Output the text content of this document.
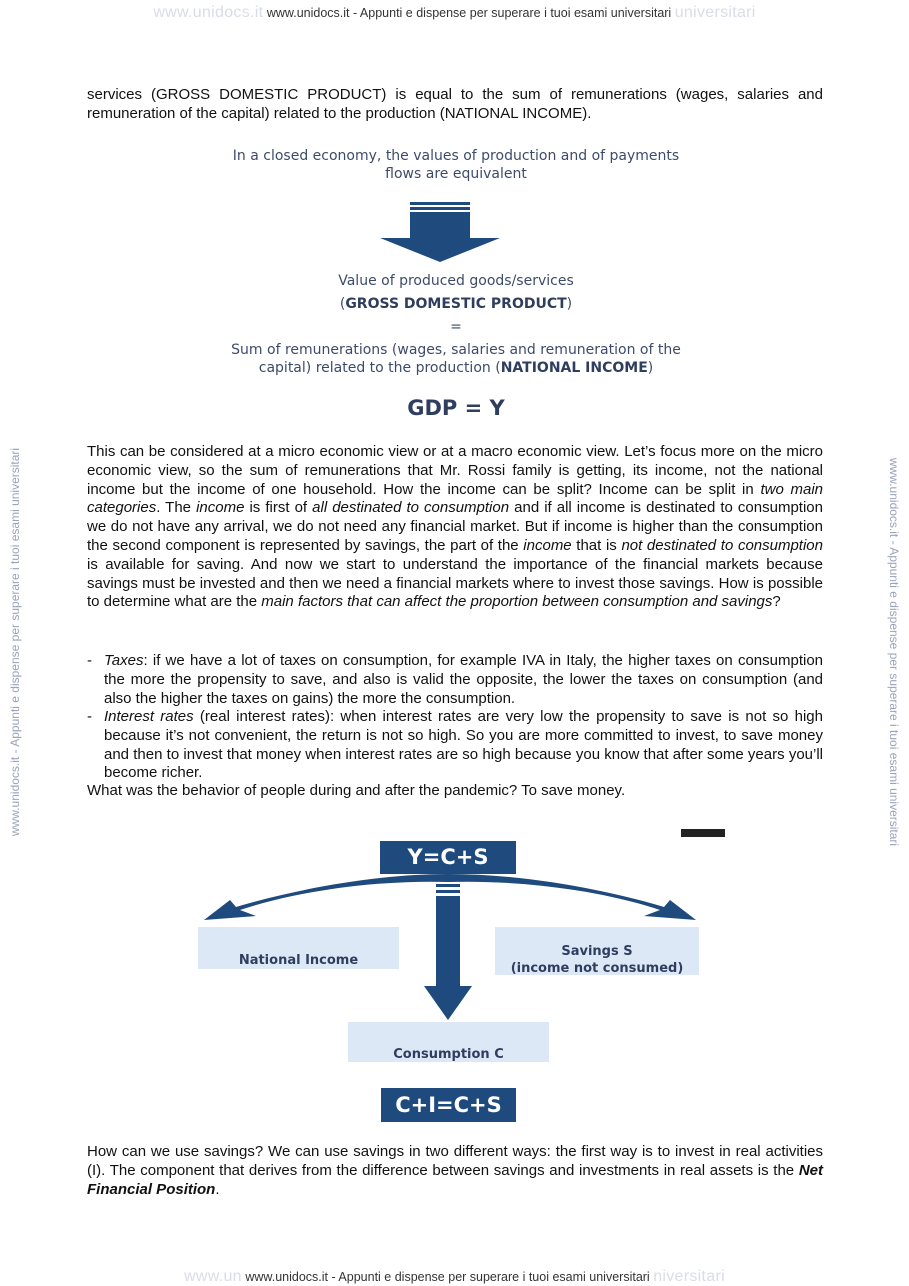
www.unidocs.it www.unidocs.it - Appunti e dispense per superare i tuoi esami universitari universitari
www.unidocs.it - Appunti e dispense per superare i tuoi esami universitari	www.unidocs.it - Appunti e dispense per superare i tuoi esami universitari
services (GROSS DOMESTIC PRODUCT) is equal to the sum of remunerations (wages, salaries and remuneration of the capital) related to the production (NATIONAL INCOME).
In a closed economy, the values of production and of payments
flows are equivalent
Value of produced goods/services
(GROSS DOMESTIC PRODUCT)
=
Sum of remunerations (wages, salaries and remuneration of the
capital) related to the production (NATIONAL INCOME)
GDP = Y
This can be considered at a micro economic view or at a macro economic view. Let’s focus more on the micro economic view, so the sum of remunerations that Mr. Rossi family is getting, its income, not the national income but the income of one household. How the income can be split? Income can be split in two main categories. The income is first of all destinated to consumption and if all income is destinated to consumption we do not have any arrival, we do not need any financial market. But if income is higher than the consumption the second component is represented by savings, the part of the income that is not destinated to consumption is available for saving. And now we start to understand the importance of the financial markets because savings must be invested and then we need a financial markets where to invest those savings. How is possible to determine what are the main factors that can affect the proportion between consumption and savings?
- Taxes: if we have a lot of taxes on consumption, for example IVA in Italy, the higher taxes on consumption the more the propensity to save, and also is valid the opposite, the lower the taxes on consumption (and also the higher the taxes on gains) the more the consumption.
- Interest rates (real interest rates): when interest rates are very low the propensity to save is not so high because it’s not convenient, the return is not so high. So you are more committed to invest, to save money and then to invest that money when interest rates are so high because you know that after some years you’ll become richer.
What was the behavior of people during and after the pandemic? To save money.
Y=C+S
National Income
Savings S
(income not consumed)
Consumption C
C+I=C+S
How can we use savings? We can use savings in two different ways: the first way is to invest in real activities (I). The component that derives from the difference between savings and investments in real assets is the Net Financial Position.
www.un www.unidocs.it - Appunti e dispense per superare i tuoi esami universitari niversitari
